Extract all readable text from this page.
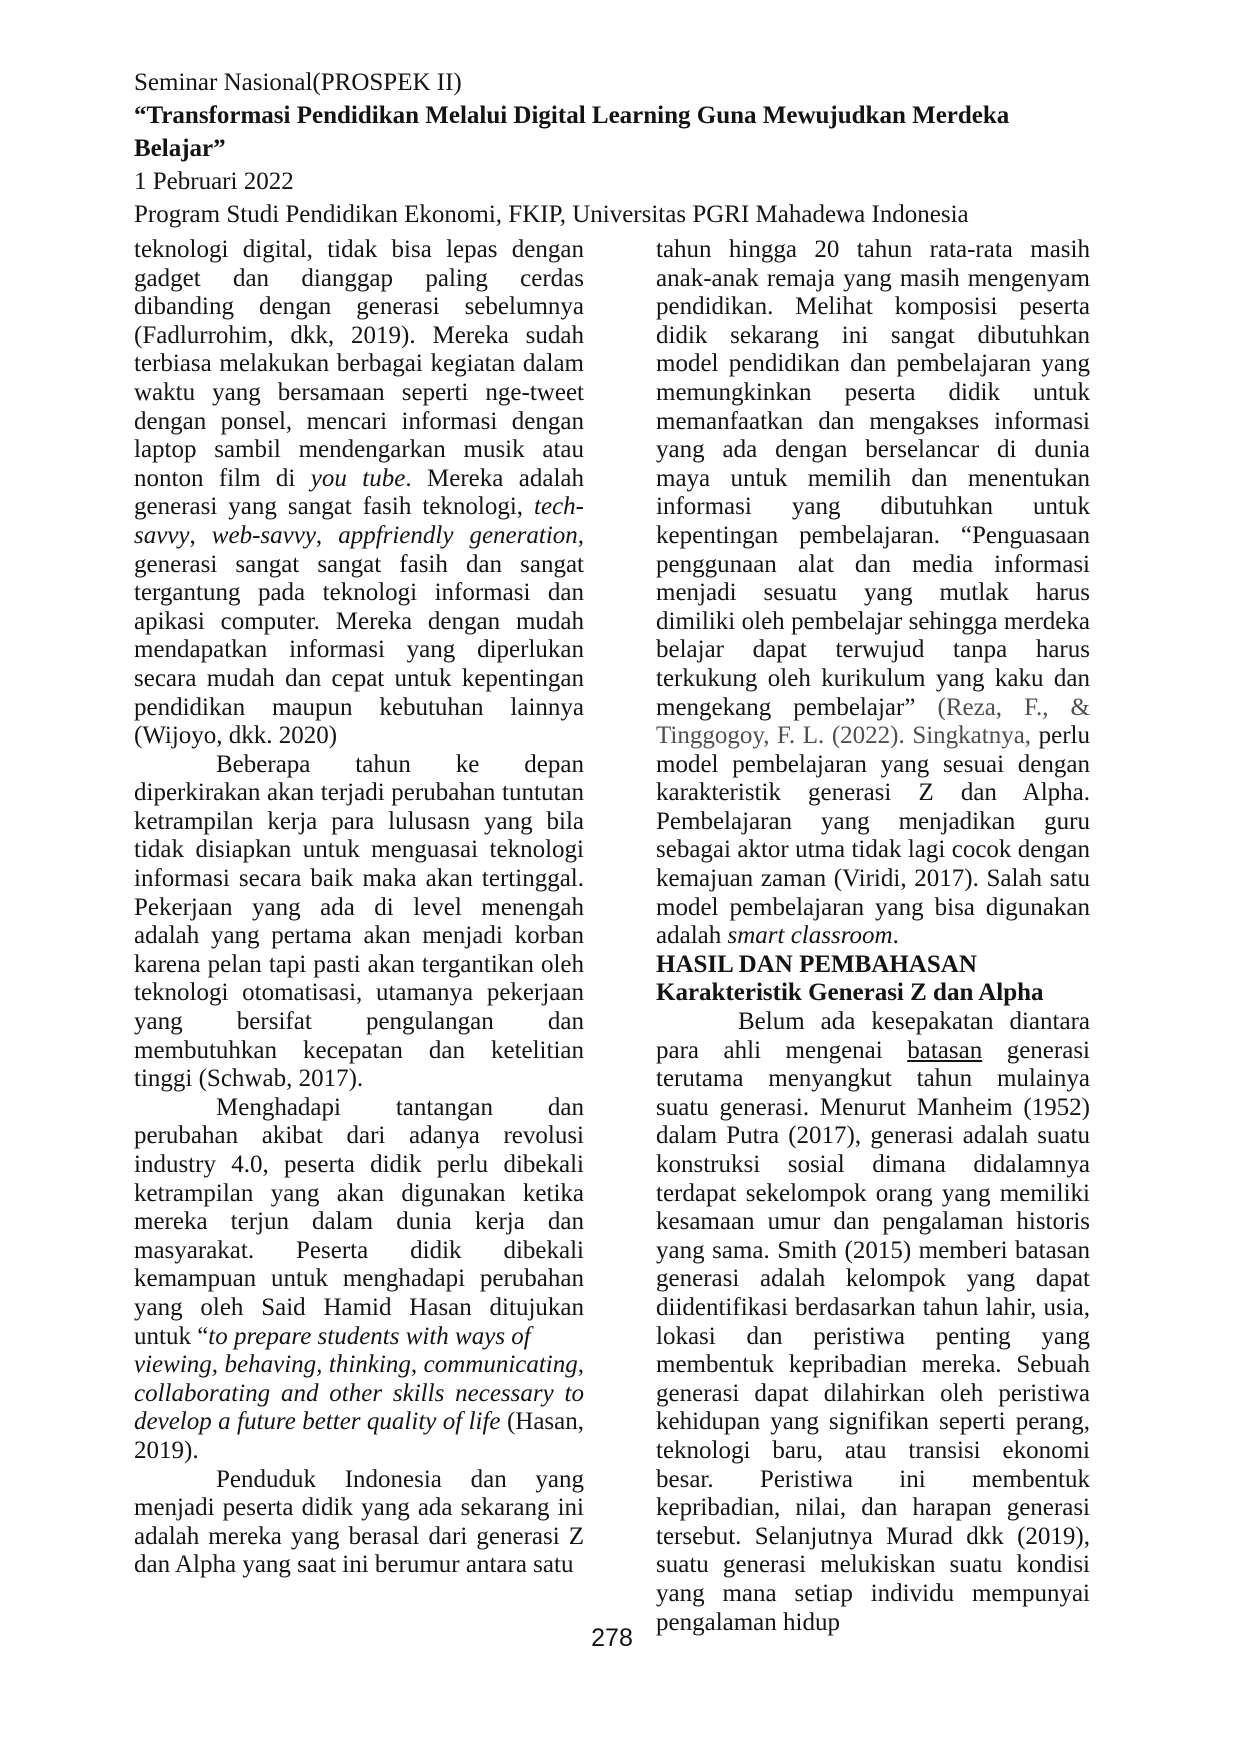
Seminar Nasional(PROSPEK II)
“Transformasi Pendidikan Melalui Digital Learning Guna Mewujudkan Merdeka
Belajar”
1 Pebruari 2022
Program Studi Pendidikan Ekonomi, FKIP, Universitas PGRI Mahadewa Indonesia

teknologi digital, tidak bisa lepas dengan gadget dan dianggap paling cerdas dibanding dengan generasi sebelumnya (Fadlurrohim, dkk, 2019). Mereka sudah terbiasa melakukan berbagai kegiatan dalam waktu yang bersamaan seperti nge-tweet dengan ponsel, mencari informasi dengan laptop sambil mendengarkan musik atau nonton film di you tube. Mereka adalah generasi yang sangat fasih teknologi, tech-savvy, web-savvy, appfriendly generation, generasi sangat sangat fasih dan sangat tergantung pada teknologi informasi dan apikasi computer. Mereka dengan mudah mendapatkan informasi yang diperlukan secara mudah dan cepat untuk kepentingan pendidikan maupun kebutuhan lainnya (Wijoyo, dkk. 2020)

Beberapa tahun ke depan diperkirakan akan terjadi perubahan tuntutan ketrampilan kerja para lulusasn yang bila tidak disiapkan untuk menguasai teknologi informasi secara baik maka akan tertinggal. Pekerjaan yang ada di level menengah adalah yang pertama akan menjadi korban karena pelan tapi pasti akan tergantikan oleh teknologi otomatisasi, utamanya pekerjaan yang bersifat pengulangan dan membutuhkan kecepatan dan ketelitian tinggi (Schwab, 2017).

Menghadapi tantangan dan perubahan akibat dari adanya revolusi industry 4.0, peserta didik perlu dibekali ketrampilan yang akan digunakan ketika mereka terjun dalam dunia kerja dan masyarakat. Peserta didik dibekali kemampuan untuk menghadapi perubahan yang oleh Said Hamid Hasan ditujukan untuk “to prepare students with ways of
viewing, behaving, thinking, communicating, collaborating and other skills necessary to develop a future better quality of life (Hasan, 2019).

Penduduk Indonesia dan yang menjadi peserta didik yang ada sekarang ini adalah mereka yang berasal dari generasi Z dan Alpha yang saat ini berumur antara satu

tahun hingga 20 tahun rata-rata masih anak-anak remaja yang masih mengenyam pendidikan. Melihat komposisi peserta didik sekarang ini sangat dibutuhkan model pendidikan dan pembelajaran yang memungkinkan peserta didik untuk memanfaatkan dan mengakses informasi yang ada dengan berselancar di dunia maya untuk memilih dan menentukan informasi yang dibutuhkan untuk kepentingan pembelajaran. “Penguasaan penggunaan alat dan media informasi menjadi sesuatu yang mutlak harus dimiliki oleh pembelajar sehingga merdeka belajar dapat terwujud tanpa harus terkukung oleh kurikulum yang kaku dan mengekang pembelajar” (Reza, F., & Tinggogoy, F. L. (2022). Singkatnya, perlu model pembelajaran yang sesuai dengan karakteristik generasi Z dan Alpha. Pembelajaran yang menjadikan guru sebagai aktor utma tidak lagi cocok dengan kemajuan zaman (Viridi, 2017). Salah satu model pembelajaran yang bisa digunakan adalah smart classroom.

HASIL DAN PEMBAHASAN

Karakteristik Generasi Z dan Alpha

Belum ada kesepakatan diantara para ahli mengenai batasan generasi terutama menyangkut tahun mulainya suatu generasi. Menurut Manheim (1952) dalam Putra (2017), generasi adalah suatu konstruksi sosial dimana didalamnya terdapat sekelompok orang yang memiliki kesamaan umur dan pengalaman historis yang sama. Smith (2015) memberi batasan generasi adalah kelompok yang dapat diidentifikasi berdasarkan tahun lahir, usia, lokasi dan peristiwa penting yang membentuk kepribadian mereka. Sebuah generasi dapat dilahirkan oleh peristiwa kehidupan yang signifikan seperti perang, teknologi baru, atau transisi ekonomi besar. Peristiwa ini membentuk kepribadian, nilai, dan harapan generasi tersebut. Selanjutnya Murad dkk (2019), suatu generasi melukiskan suatu kondisi yang mana setiap individu mempunyai pengalaman hidup

278
